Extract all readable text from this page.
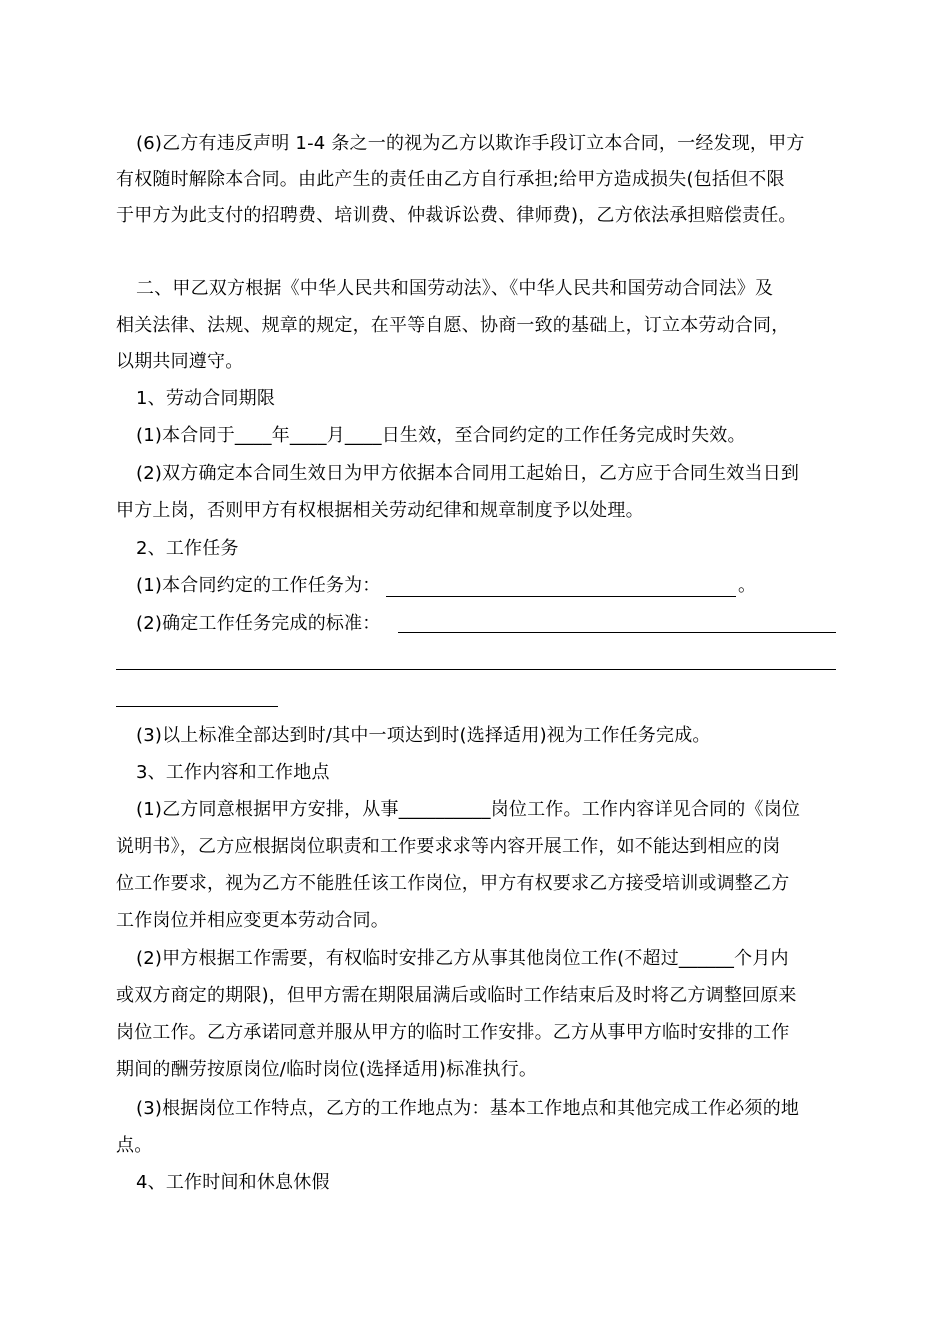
(6)乙方有违反声明 1-4 条之一的视为乙方以欺诈手段订立本合同，一经发现，甲方
有权随时解除本合同。由此产生的责任由乙方自行承担;给甲方造成损失(包括但不限
于甲方为此支付的招聘费、培训费、仲裁诉讼费、律师费)，乙方依法承担赔偿责任。
二、甲乙双方根据《中华人民共和国劳动法》、《中华人民共和国劳动合同法》及
相关法律、法规、规章的规定，在平等自愿、协商一致的基础上，订立本劳动合同，
以期共同遵守。
1、劳动合同期限
(1)本合同于____年____月____日生效，至合同约定的工作任务完成时失效。
(2)双方确定本合同生效日为甲方依据本合同用工起始日，乙方应于合同生效当日到
甲方上岗，否则甲方有权根据相关劳动纪律和规章制度予以处理。
2、工作任务
(1)本合同约定的工作任务为：	。
(2)确定工作任务完成的标准：
(3)以上标准全部达到时/其中一项达到时(选择适用)视为工作任务完成。
3、工作内容和工作地点
(1)乙方同意根据甲方安排，从事__________岗位工作。工作内容详见合同的《岗位
说明书》，乙方应根据岗位职责和工作要求求等内容开展工作，如不能达到相应的岗
位工作要求，视为乙方不能胜任该工作岗位，甲方有权要求乙方接受培训或调整乙方
工作岗位并相应变更本劳动合同。
(2)甲方根据工作需要，有权临时安排乙方从事其他岗位工作(不超过______个月内
或双方商定的期限)，但甲方需在期限届满后或临时工作结束后及时将乙方调整回原来
岗位工作。乙方承诺同意并服从甲方的临时工作安排。乙方从事甲方临时安排的工作
期间的酬劳按原岗位/临时岗位(选择适用)标准执行。
(3)根据岗位工作特点，乙方的工作地点为：基本工作地点和其他完成工作必须的地
点。
4、工作时间和休息休假
